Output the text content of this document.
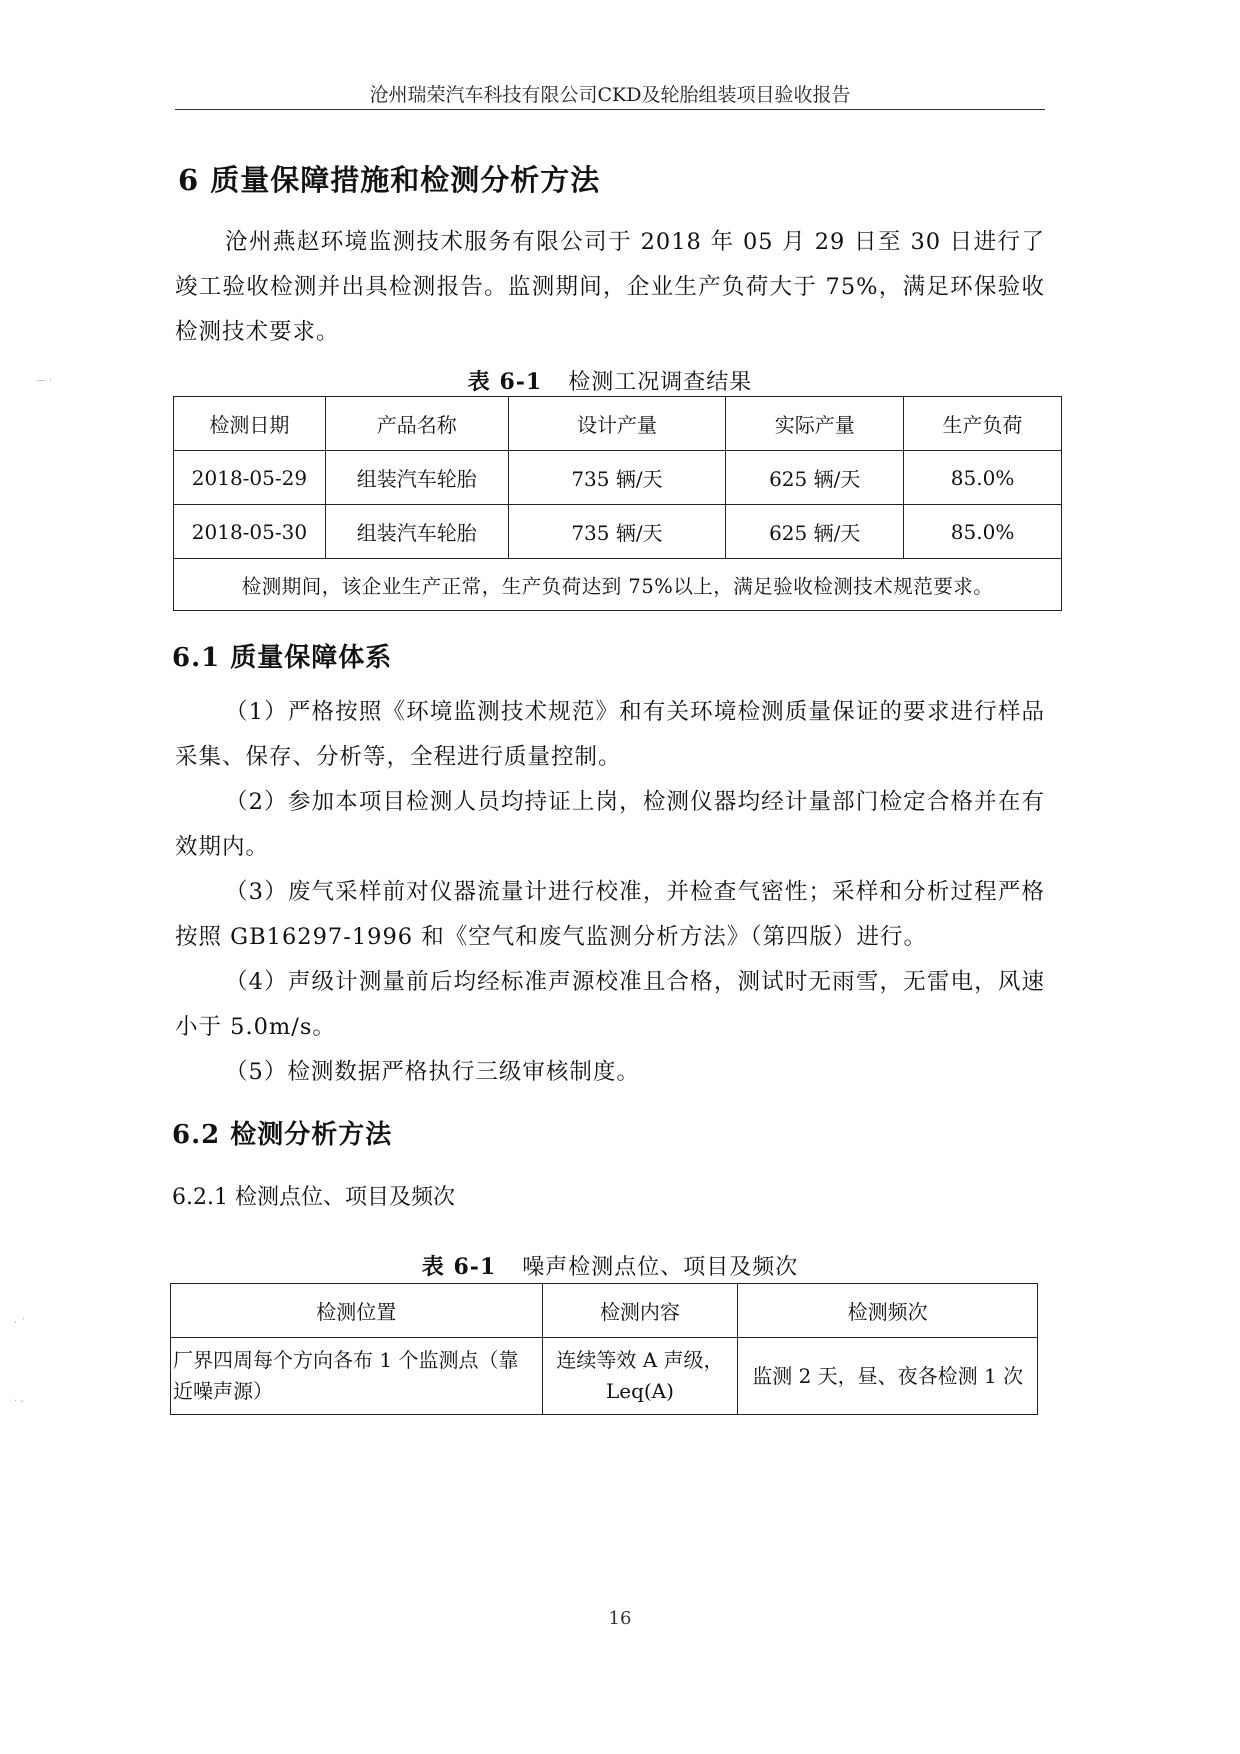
沧州瑞荣汽车科技有限公司CKD及轮胎组装项目验收报告
6 质量保障措施和检测分析方法

沧州燕赵环境监测技术服务有限公司于 2018 年 05 月 29 日至 30 日进行了竣工验收检测并出具检测报告。监测期间，企业生产负荷大于 75%，满足环保验收检测技术要求。

表 6-1 检测工况调查结果
检测日期	产品名称	设计产量	实际产量	生产负荷
2018-05-29	组装汽车轮胎	735 辆/天	625 辆/天	85.0%
2018-05-30	组装汽车轮胎	735 辆/天	625 辆/天	85.0%
检测期间，该企业生产正常，生产负荷达到 75%以上，满足验收检测技术规范要求。				
6.1 质量保障体系

（1）严格按照《环境监测技术规范》和有关环境检测质量保证的要求进行样品采集、保存、分析等，全程进行质量控制。

（2）参加本项目检测人员均持证上岗，检测仪器均经计量部门检定合格并在有效期内。

（3）废气采样前对仪器流量计进行校准，并检查气密性；采样和分析过程严格按照 GB16297-1996 和《空气和废气监测分析方法》（第四版）进行。

（4）声级计测量前后均经标准声源校准且合格，测试时无雨雪，无雷电，风速小于 5.0m/s。

（5）检测数据严格执行三级审核制度。

6.2 检测分析方法
6.2.1 检测点位、项目及频次
表 6-1 噪声检测点位、项目及频次
检测位置	检测内容	检测频次
厂界四周每个方向各布 1 个监测点（靠近噪声源）	连续等效 A 声级，Leq(A)	监测 2 天，昼、夜各检测 1 次
16
— ·
· ˊ
· ‐
